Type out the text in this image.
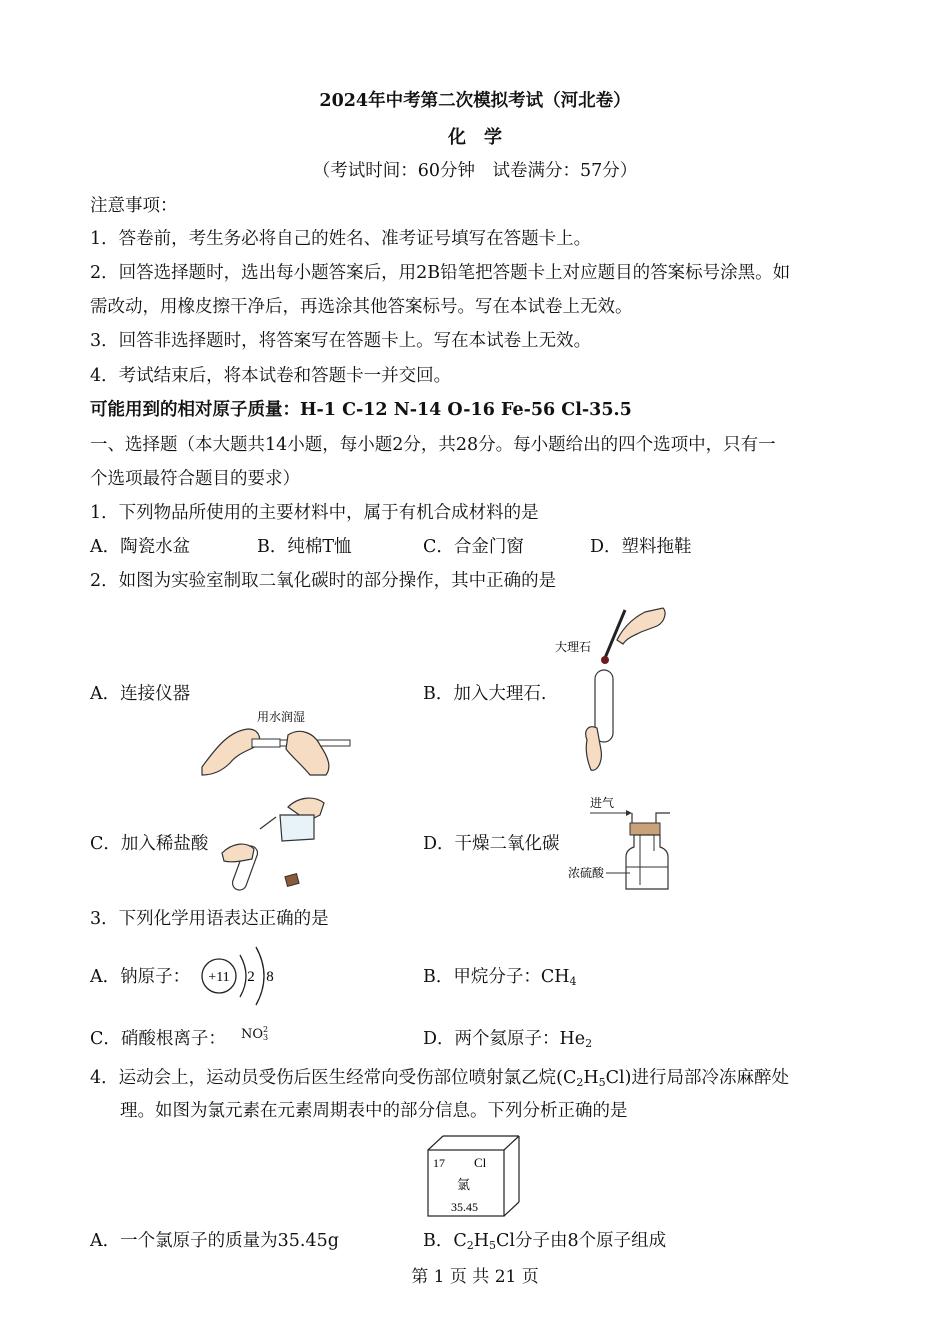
2024年中考第二次模拟考试（河北卷）
化　学
（考试时间：60分钟　试卷满分：57分）
注意事项：
1．答卷前，考生务必将自己的姓名、准考证号填写在答题卡上。
2．回答选择题时，选出每小题答案后，用2B铅笔把答题卡上对应题目的答案标号涂黑。如
需改动，用橡皮擦干净后，再选涂其他答案标号。写在本试卷上无效。
3．回答非选择题时，将答案写在答题卡上。写在本试卷上无效。
4．考试结束后，将本试卷和答题卡一并交回。
可能用到的相对原子质量：H-1 C-12 N-14 O-16 Fe-56 Cl-35.5
一、选择题（本大题共14小题，每小题2分，共28分。每小题给出的四个选项中，只有一
个选项最符合题目的要求）
1．下列物品所使用的主要材料中，属于有机合成材料的是
A．陶瓷水盆	B．纯棉T恤	C．合金门窗	D．塑料拖鞋
2．如图为实验室制取二氧化碳时的部分操作，其中正确的是
A．连接仪器	B．加入大理石.
C．加入稀盐酸	D．干燥二氧化碳
大理石
用水润湿
进气
浓硫酸
3．下列化学用语表达正确的是
A．钠原子： +11 2 8	B．甲烷分子：$CH_4$
C．硝酸根离子： NO 2
3	D．两个氦原子：$He_2$
4．运动会上，运动员受伤后医生经常向受伤部位喷射氯乙烷$(C_2H_5Cl)$进行局部冷冻麻醉处
理。如图为氯元素在元素周期表中的部分信息。下列分析正确的是
17 Cl
氯
35.45
A．一个氯原子的质量为35.45g	B．$C_2H_5Cl$分子由8个原子组成
第 1 页 共 21 页
